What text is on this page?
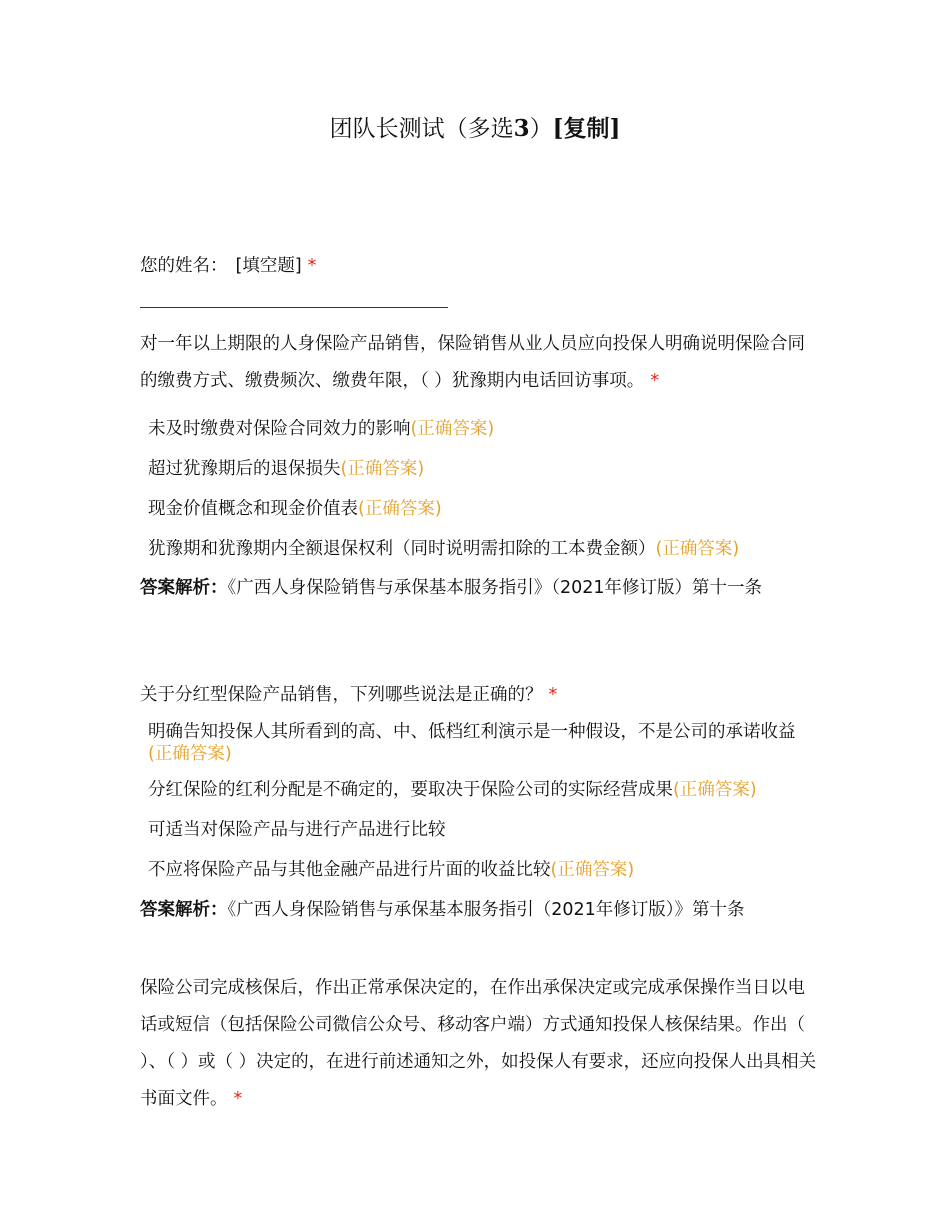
团队长测试（多选3）[复制]
您的姓名： [填空题] *
对一年以上期限的人身保险产品销售，保险销售从业人员应向投保人明确说明保险合同的缴费方式、缴费频次、缴费年限，（ ）犹豫期内电话回访事项。 *
未及时缴费对保险合同效力的影响(正确答案)
超过犹豫期后的退保损失(正确答案)
现金价值概念和现金价值表(正确答案)
犹豫期和犹豫期内全额退保权利（同时说明需扣除的工本费金额）(正确答案)
答案解析：《广西人身保险销售与承保基本服务指引》（2021年修订版）第十一条
关于分红型保险产品销售，下列哪些说法是正确的？ *
明确告知投保人其所看到的高、中、低档红利演示是一种假设，不是公司的承诺收益(正确答案)
分红保险的红利分配是不确定的，要取决于保险公司的实际经营成果(正确答案)
可适当对保险产品与进行产品进行比较
不应将保险产品与其他金融产品进行片面的收益比较(正确答案)
答案解析：《广西人身保险销售与承保基本服务指引（2021年修订版）》第十条
保险公司完成核保后，作出正常承保决定的，在作出承保决定或完成承保操作当日以电话或短信（包括保险公司微信公众号、移动客户端）方式通知投保人核保结果。作出（ ）、（ ）或（ ）决定的，在进行前述通知之外，如投保人有要求，还应向投保人出具相关书面文件。 *
